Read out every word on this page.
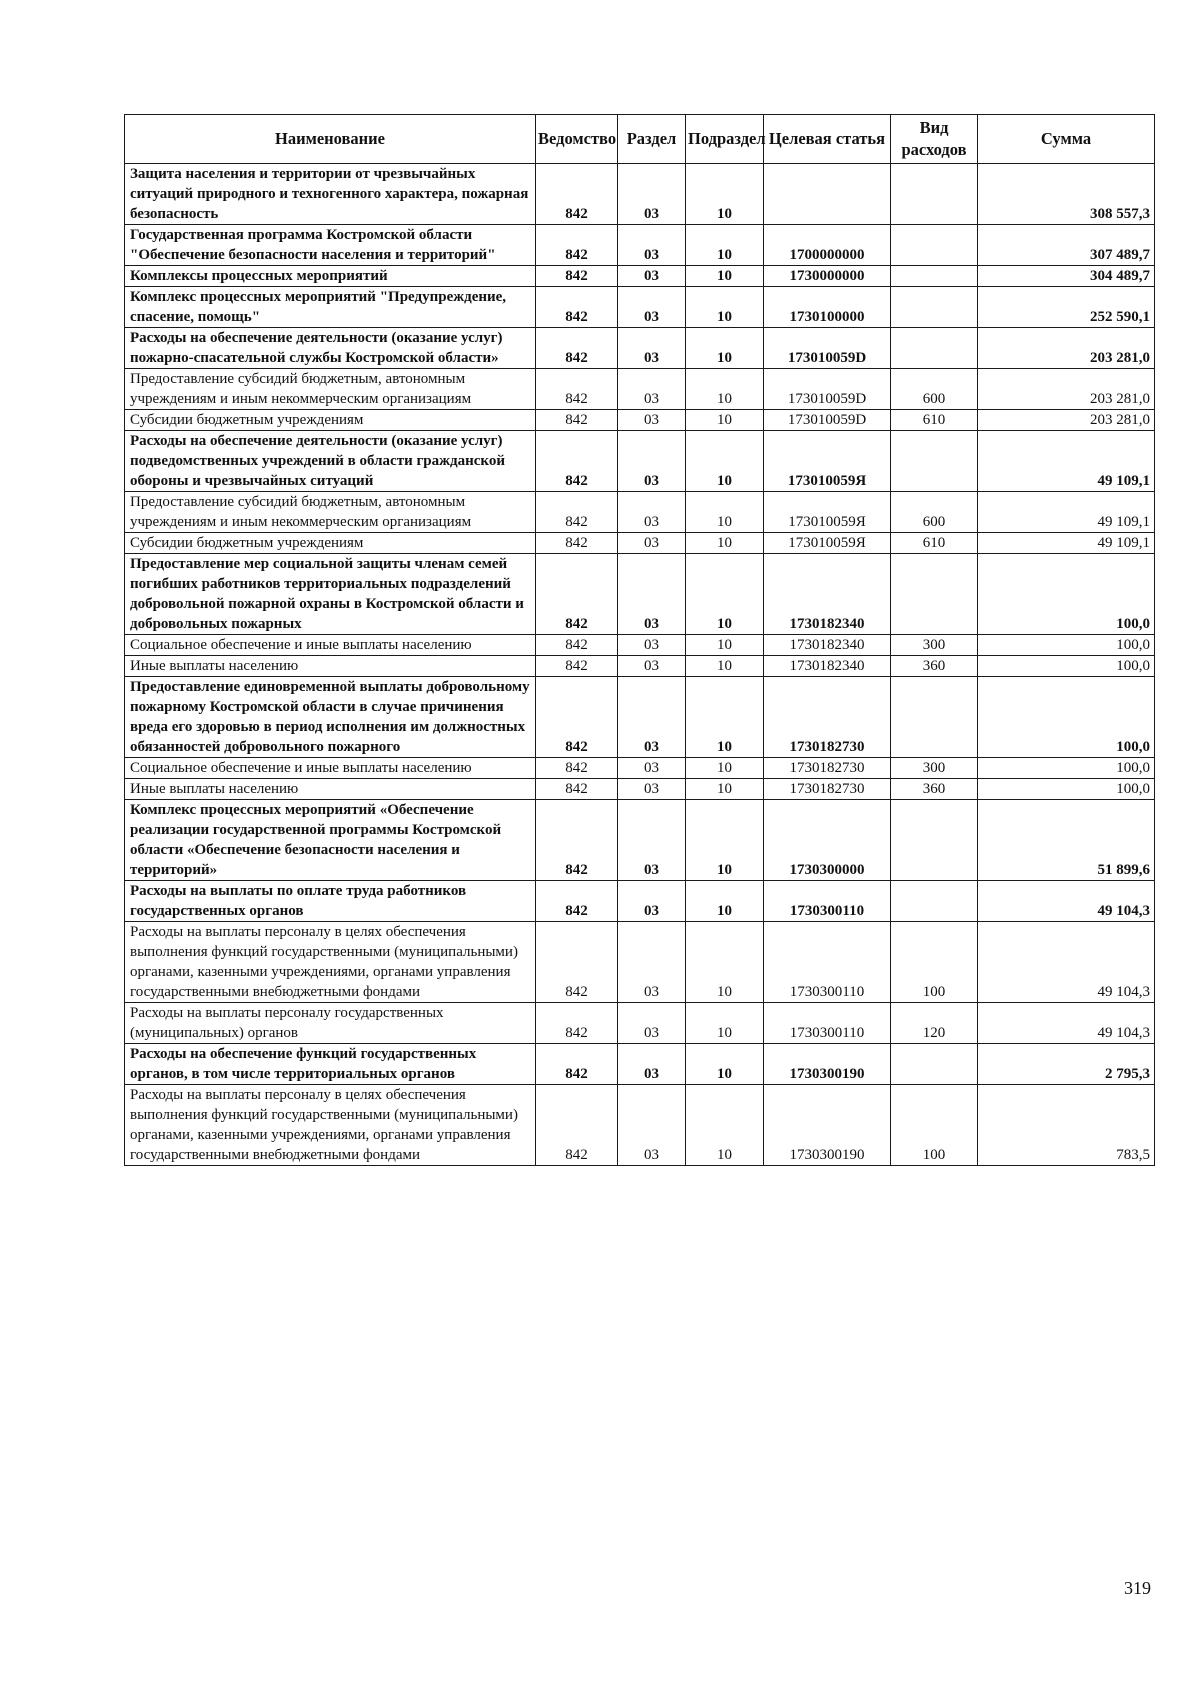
Наименование	Ведомство	Раздел	Подраздел	Целевая статья	Вид расходов	Сумма
Защита населения и территории от чрезвычайных ситуаций природного и техногенного характера, пожарная безопасность	842	03	10			308 557,3
Государственная программа Костромской области "Обеспечение безопасности населения и территорий"	842	03	10	1700000000		307 489,7
Комплексы процессных мероприятий	842	03	10	1730000000		304 489,7
Комплекс процессных мероприятий "Предупреждение, спасение, помощь"	842	03	10	1730100000		252 590,1
Расходы на обеспечение деятельности (оказание услуг) пожарно-спасательной службы Костромской области»	842	03	10	173010059D		203 281,0
Предоставление субсидий бюджетным, автономным учреждениям и иным некоммерческим организациям	842	03	10	173010059D	600	203 281,0
Субсидии бюджетным учреждениям	842	03	10	173010059D	610	203 281,0
Расходы на обеспечение деятельности (оказание услуг) подведомственных учреждений в области гражданской обороны и чрезвычайных ситуаций	842	03	10	173010059Я		49 109,1
Предоставление субсидий бюджетным, автономным учреждениям и иным некоммерческим организациям	842	03	10	173010059Я	600	49 109,1
Субсидии бюджетным учреждениям	842	03	10	173010059Я	610	49 109,1
Предоставление мер социальной защиты членам семей погибших работников территориальных подразделений добровольной пожарной охраны в Костромской области и добровольных пожарных	842	03	10	1730182340		100,0
Социальное обеспечение и иные выплаты населению	842	03	10	1730182340	300	100,0
Иные выплаты населению	842	03	10	1730182340	360	100,0
Предоставление единовременной выплаты добровольному пожарному Костромской области в случае причинения вреда его здоровью в период исполнения им должностных обязанностей добровольного пожарного	842	03	10	1730182730		100,0
Социальное обеспечение и иные выплаты населению	842	03	10	1730182730	300	100,0
Иные выплаты населению	842	03	10	1730182730	360	100,0
Комплекс процессных мероприятий «Обеспечение реализации государственной программы Костромской области «Обеспечение безопасности населения и территорий»	842	03	10	1730300000		51 899,6
Расходы на выплаты по оплате труда работников государственных органов	842	03	10	1730300110		49 104,3
Расходы на выплаты персоналу в целях обеспечения выполнения функций государственными (муниципальными) органами, казенными учреждениями, органами управления государственными внебюджетными фондами	842	03	10	1730300110	100	49 104,3
Расходы на выплаты персоналу государственных (муниципальных) органов	842	03	10	1730300110	120	49 104,3
Расходы на обеспечение функций государственных органов, в том числе территориальных органов	842	03	10	1730300190		2 795,3
Расходы на выплаты персоналу в целях обеспечения выполнения функций государственными (муниципальными) органами, казенными учреждениями, органами управления государственными внебюджетными фондами	842	03	10	1730300190	100	783,5
319
